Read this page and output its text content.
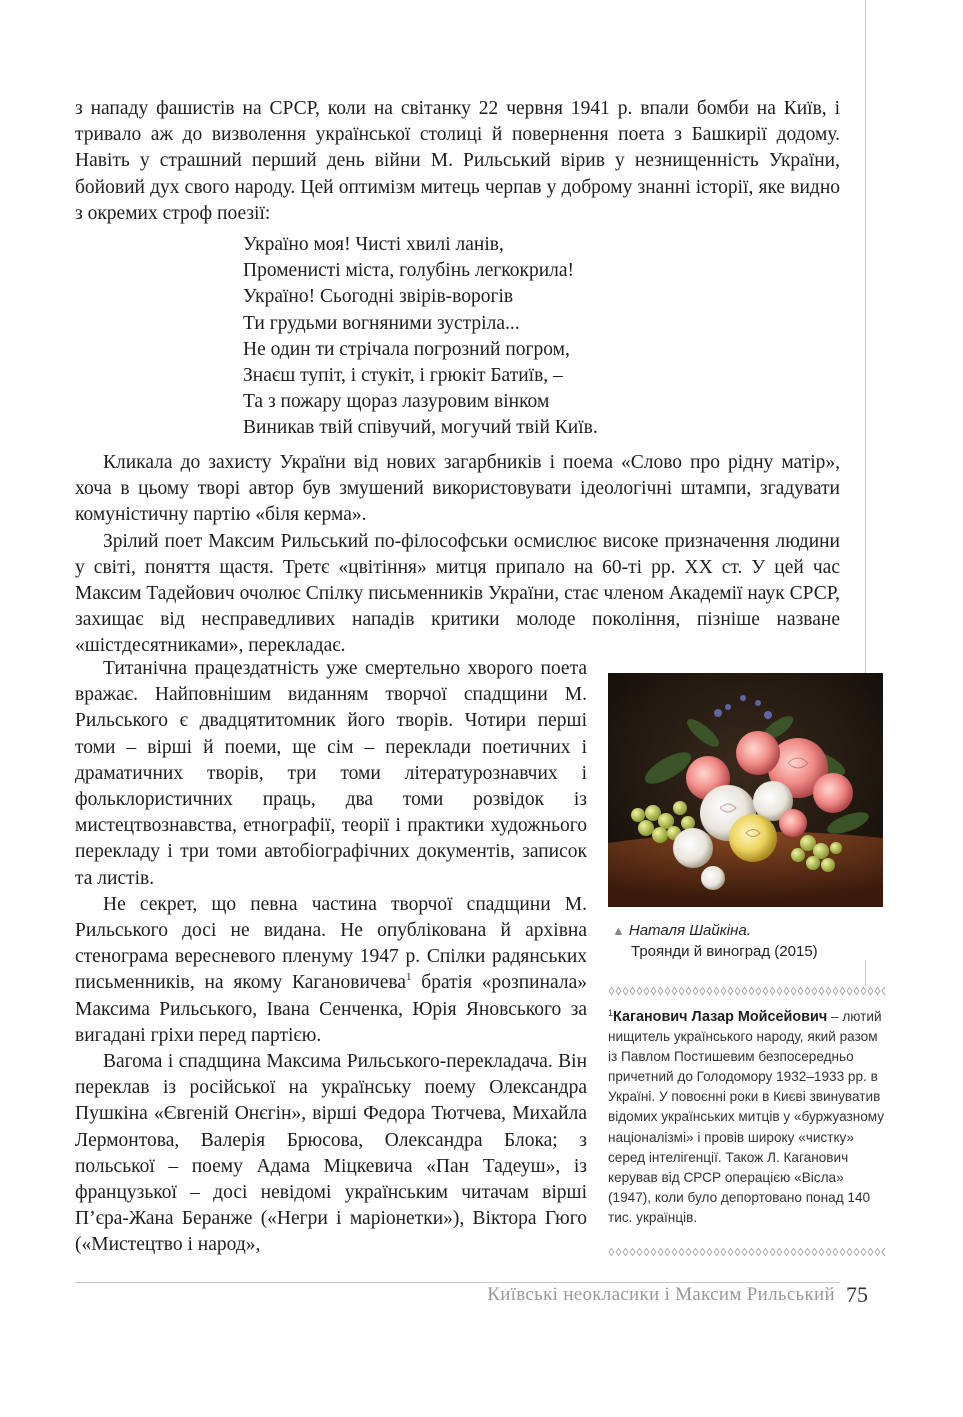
з нападу фашистів на СРСР, коли на світанку 22 червня 1941 р. впали бомби на Київ, і тривало аж до визволення української столиці й повернення поета з Башкирії додому. Навіть у страшний перший день війни М. Рильський вірив у незнищенність України, бойовий дух свого народу. Цей оптимізм митець черпав у доброму знанні історії, яке видно з окремих строф поезії:

Україно моя! Чисті хвилі ланів,
Променисті міста, голубінь легкокрила!
Україно! Сьогодні звірів-ворогів
Ти грудьми вогняними зустріла...
Не один ти стрічала погрозний погром,
Знаєш тупіт, і стукіт, і грюкіт Батиїв, –
Та з пожару щораз лазуровим вінком
Виникав твій співучий, могучий твій Київ.

Кликала до захисту України від нових загарбників і поема «Слово про рідну матір», хоча в цьому творі автор був змушений використовувати ідеологічні штампи, згадувати комуністичну партію «біля керма».

Зрілий поет Максим Рильський по-філософськи осмислює високе призначення людини у світі, поняття щастя. Третє «цвітіння» митця припало на 60-ті рр. ХХ ст. У цей час Максим Тадейович очолює Спілку письменників України, стає членом Академії наук СРСР, захищає від несправедливих нападів критики молоде покоління, пізніше назване «шістдесятниками», перекладає.

Титанічна працездатність уже смертельно хворого поета вражає. Найповнішим виданням творчої спадщини М. Рильського є двадцятитомник його творів. Чотири перші томи – вірші й поеми, ще сім – переклади поетичних і драматичних творів, три томи літературознавчих і фольклористичних праць, два томи розвідок із мистецтвознавства, етнографії, теорії і практики художнього перекладу і три томи автобіографічних документів, записок та листів.

Не секрет, що певна частина творчої спадщини М. Рильського досі не видана. Не опублікована й архівна стенограма вересневого пленуму 1947 р. Спілки радянських письменників, на якому Кагановичева$^1$ братія «розпинала» Максима Рильського, Івана Сенченка, Юрія Яновського за вигадані гріхи перед партією.

Вагома і спадщина Максима Рильського-перекладача. Він переклав із російської на українську поему Олександра Пушкіна «Євгеній Онєгін», вірші Федора Тютчева, Михайла Лермонтова, Валерія Брюсова, Олександра Блока; з польської – поему Адама Міцкевича «Пан Тадеуш», із французької – досі невідомі українським читачам вірші П’єра-Жана Беранже («Негри і маріонетки»), Віктора Гюго («Мистецтво і народ»,

▲ Наталя Шайкіна.
Троянди й виноград (2015)
$^1$Каганович Лазар Мойсейович – лютий нищитель українського народу, який разом із Павлом Постишевим безпосередньо причетний до Голодомору 1932–1933 рр. в Україні. У повоєнні роки в Києві звинуватив відомих українських митців у «буржуазному націоналізмі» і провів широку «чистку» серед інтелігенції. Також Л. Каганович керував від СРСР операцією «Вісла» (1947), коли було депортовано понад 140 тис. українців.
Київські неокласики і Максим Рильський 75
